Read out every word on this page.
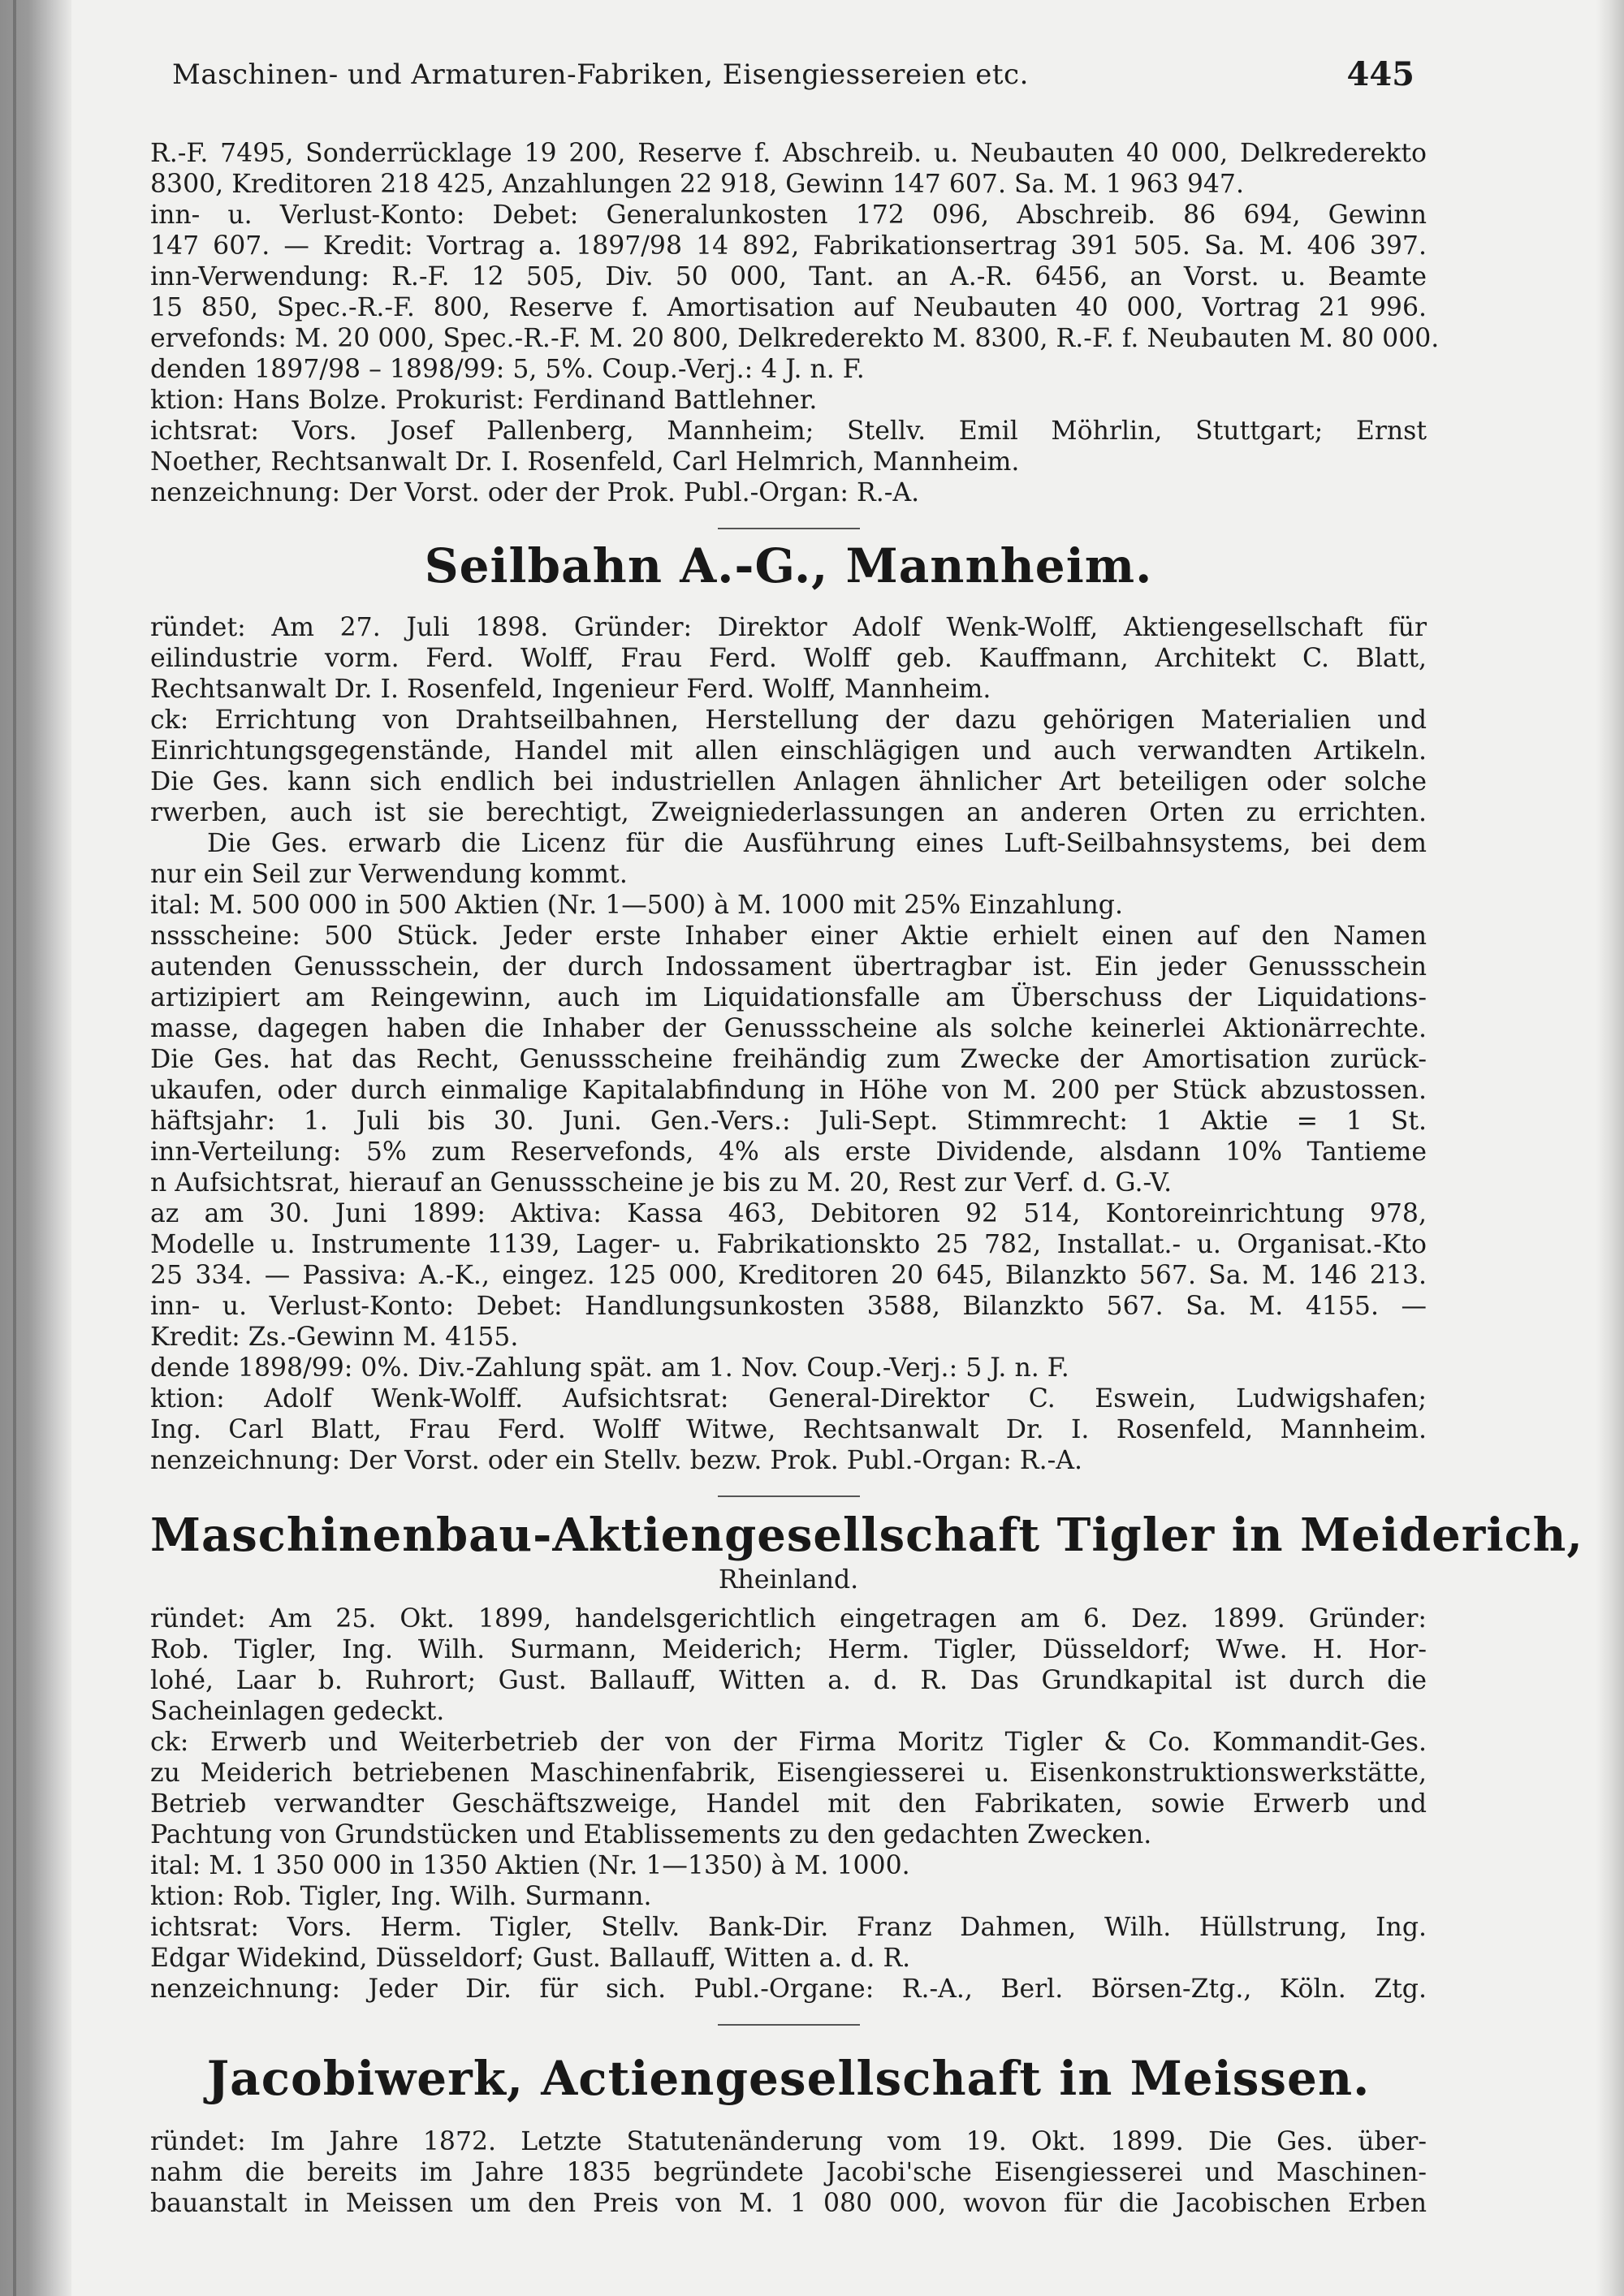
Maschinen- und Armaturen-Fabriken, Eisengiessereien etc.	445
R.-F. 7495, Sonderrücklage 19 200, Reserve f. Abschreib. u. Neubauten 40 000, Delkrederekto
8300, Kreditoren 218 425, Anzahlungen 22 918, Gewinn 147 607. Sa. M. 1 963 947.
inn- u. Verlust-Konto: Debet: Generalunkosten 172 096, Abschreib. 86 694, Gewinn
147 607. — Kredit: Vortrag a. 1897/98 14 892, Fabrikationsertrag 391 505. Sa. M. 406 397.
inn-Verwendung: R.-F. 12 505, Div. 50 000, Tant. an A.-R. 6456, an Vorst. u. Beamte
15 850, Spec.-R.-F. 800, Reserve f. Amortisation auf Neubauten 40 000, Vortrag 21 996.
ervefonds: M. 20 000, Spec.-R.-F. M. 20 800, Delkrederekto M. 8300, R.-F. f. Neubauten M. 80 000.
denden 1897/98 – 1898/99: 5, 5%. Coup.-Verj.: 4 J. n. F.
ktion: Hans Bolze. Prokurist: Ferdinand Battlehner.
ichtsrat: Vors. Josef Pallenberg, Mannheim; Stellv. Emil Möhrlin, Stuttgart; Ernst
Noether, Rechtsanwalt Dr. I. Rosenfeld, Carl Helmrich, Mannheim.
nenzeichnung: Der Vorst. oder der Prok. Publ.-Organ: R.-A.
Seilbahn A.-G., Mannheim.
ründet: Am 27. Juli 1898. Gründer: Direktor Adolf Wenk-Wolff, Aktiengesellschaft für
eilindustrie vorm. Ferd. Wolff, Frau Ferd. Wolff geb. Kauffmann, Architekt C. Blatt,
Rechtsanwalt Dr. I. Rosenfeld, Ingenieur Ferd. Wolff, Mannheim.
ck: Errichtung von Drahtseilbahnen, Herstellung der dazu gehörigen Materialien und
Einrichtungsgegenstände, Handel mit allen einschlägigen und auch verwandten Artikeln.
Die Ges. kann sich endlich bei industriellen Anlagen ähnlicher Art beteiligen oder solche
rwerben, auch ist sie berechtigt, Zweigniederlassungen an anderen Orten zu errichten.
Die Ges. erwarb die Licenz für die Ausführung eines Luft-Seilbahnsystems, bei dem
nur ein Seil zur Verwendung kommt.
ital: M. 500 000 in 500 Aktien (Nr. 1—500) à M. 1000 mit 25% Einzahlung.
nssscheine: 500 Stück. Jeder erste Inhaber einer Aktie erhielt einen auf den Namen
autenden Genussschein, der durch Indossament übertragbar ist. Ein jeder Genussschein
artizipiert am Reingewinn, auch im Liquidationsfalle am Überschuss der Liquidations-
masse, dagegen haben die Inhaber der Genussscheine als solche keinerlei Aktionärrechte.
Die Ges. hat das Recht, Genussscheine freihändig zum Zwecke der Amortisation zurück-
ukaufen, oder durch einmalige Kapitalabfindung in Höhe von M. 200 per Stück abzustossen.
häftsjahr: 1. Juli bis 30. Juni. Gen.-Vers.: Juli-Sept. Stimmrecht: 1 Aktie = 1 St.
inn-Verteilung: 5% zum Reservefonds, 4% als erste Dividende, alsdann 10% Tantieme
n Aufsichtsrat, hierauf an Genussscheine je bis zu M. 20, Rest zur Verf. d. G.-V.
az am 30. Juni 1899: Aktiva: Kassa 463, Debitoren 92 514, Kontoreinrichtung 978,
Modelle u. Instrumente 1139, Lager- u. Fabrikationskto 25 782, Installat.- u. Organisat.-Kto
25 334. — Passiva: A.-K., eingez. 125 000, Kreditoren 20 645, Bilanzkto 567. Sa. M. 146 213.
inn- u. Verlust-Konto: Debet: Handlungsunkosten 3588, Bilanzkto 567. Sa. M. 4155. —
Kredit: Zs.-Gewinn M. 4155.
dende 1898/99: 0%. Div.-Zahlung spät. am 1. Nov. Coup.-Verj.: 5 J. n. F.
ktion: Adolf Wenk-Wolff. Aufsichtsrat: General-Direktor C. Eswein, Ludwigshafen;
Ing. Carl Blatt, Frau Ferd. Wolff Witwe, Rechtsanwalt Dr. I. Rosenfeld, Mannheim.
nenzeichnung: Der Vorst. oder ein Stellv. bezw. Prok. Publ.-Organ: R.-A.
Maschinenbau-Aktiengesellschaft Tigler in Meiderich,
Rheinland.
ründet: Am 25. Okt. 1899, handelsgerichtlich eingetragen am 6. Dez. 1899. Gründer:
Rob. Tigler, Ing. Wilh. Surmann, Meiderich; Herm. Tigler, Düsseldorf; Wwe. H. Hor-
lohé, Laar b. Ruhrort; Gust. Ballauff, Witten a. d. R. Das Grundkapital ist durch die
Sacheinlagen gedeckt.
ck: Erwerb und Weiterbetrieb der von der Firma Moritz Tigler & Co. Kommandit-Ges.
zu Meiderich betriebenen Maschinenfabrik, Eisengiesserei u. Eisenkonstruktionswerkstätte,
Betrieb verwandter Geschäftszweige, Handel mit den Fabrikaten, sowie Erwerb und
Pachtung von Grundstücken und Etablissements zu den gedachten Zwecken.
ital: M. 1 350 000 in 1350 Aktien (Nr. 1—1350) à M. 1000.
ktion: Rob. Tigler, Ing. Wilh. Surmann.
ichtsrat: Vors. Herm. Tigler, Stellv. Bank-Dir. Franz Dahmen, Wilh. Hüllstrung, Ing.
Edgar Widekind, Düsseldorf; Gust. Ballauff, Witten a. d. R.
nenzeichnung: Jeder Dir. für sich. Publ.-Organe: R.-A., Berl. Börsen-Ztg., Köln. Ztg.
Jacobiwerk, Actiengesellschaft in Meissen.
ründet: Im Jahre 1872. Letzte Statutenänderung vom 19. Okt. 1899. Die Ges. über-
nahm die bereits im Jahre 1835 begründete Jacobi'sche Eisengiesserei und Maschinen-
bauanstalt in Meissen um den Preis von M. 1 080 000, wovon für die Jacobischen Erben
